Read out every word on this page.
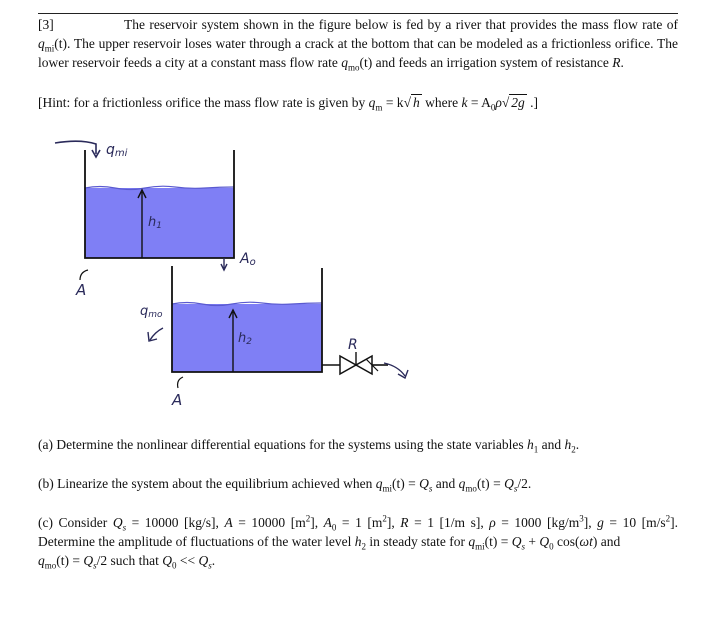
[3]	The reservoir system shown in the figure below is fed by a river that provides the mass flow rate of $q_{mi}(t)$. The upper reservoir loses water through a crack at the bottom that can be modeled as a frictionless orifice. The lower reservoir feeds a city at a constant mass flow rate $q_{mo}(t)$ and feeds an irrigation system of resistance R.
[Hint: for a frictionless orifice the mass flow rate is given by $q_m = k√$ h where $k = A_0\rho√$ 2g .]
qmi
h1
A
Ao
h2
qmo
A
R
(a) Determine the nonlinear differential equations for the systems using the state variables $h_1$ and $h_2$.
(b) Linearize the system about the equilibrium achieved when $q_{mi}(t) = Q_s$ and $q_{mo}(t) = Q_s/2$.
(c) Consider $Q_s = 10000$ [kg/s], A = 10000 $[m^2]$, $A_0 = 1$ $[m^2]$, R = 1 [1/m s], ρ = 1000 $[kg/m^3]$, g = 10 $[m/s^2]$. Determine the amplitude of fluctuations of the water level $h_2$ in steady state for $q_{mi}(t) = Q_s + Q_0$ cos(ωt) and
$q_{mo}(t) = Q_s/2$ such that $Q_0 << Q_s$.
